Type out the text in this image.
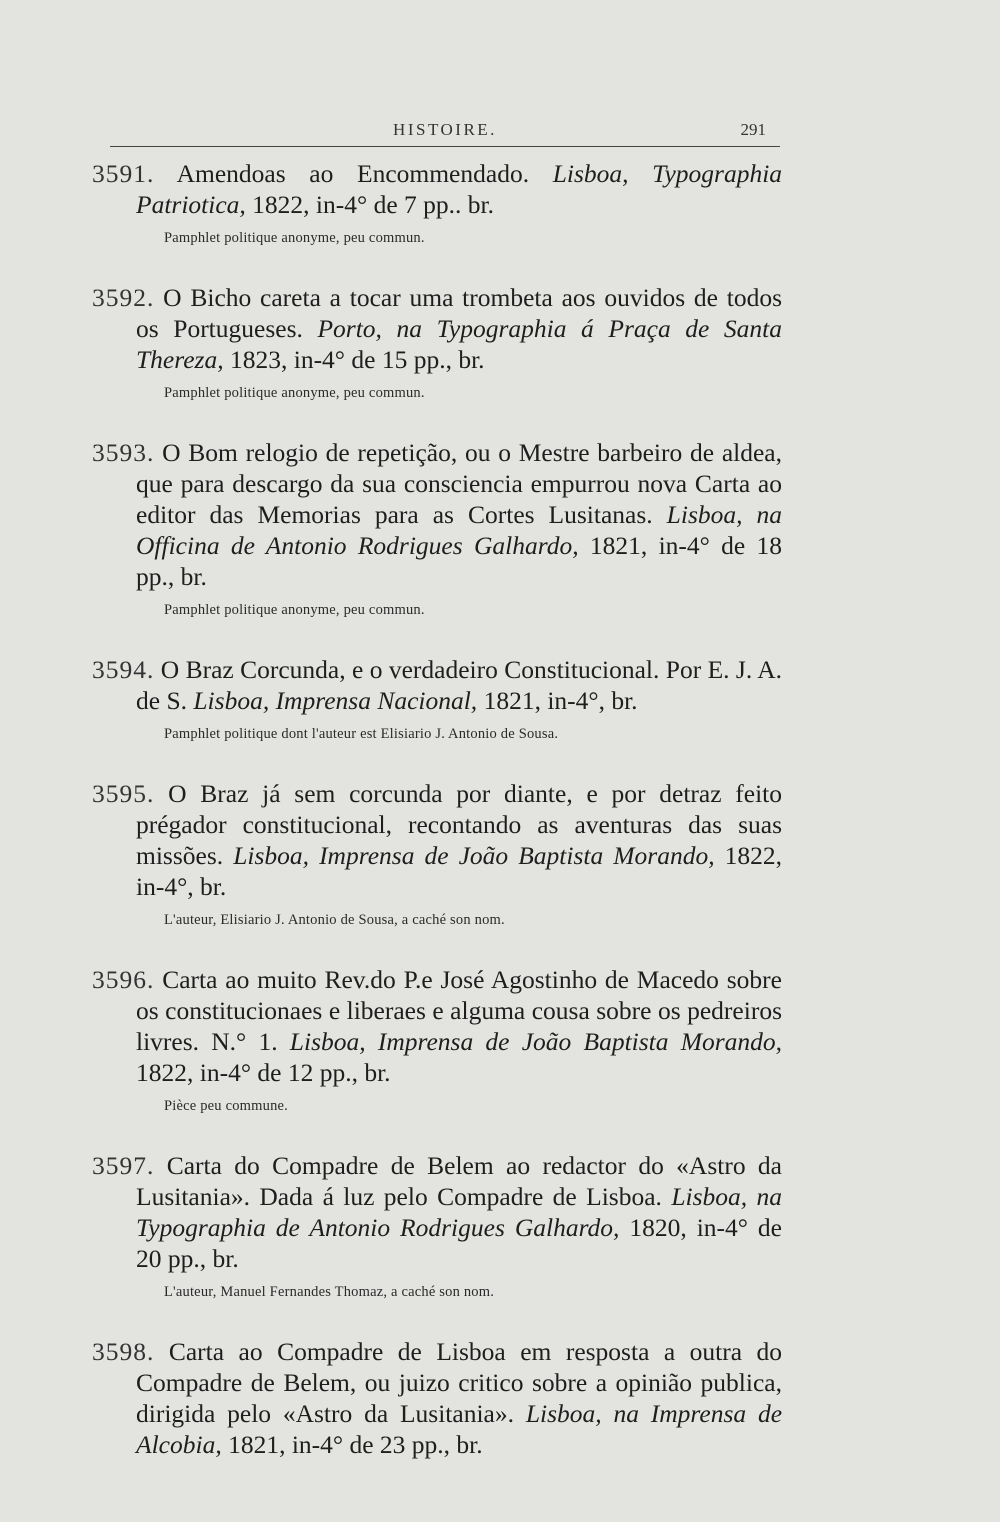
HISTOIRE.	291

3591. Amendoas ao Encommendado. Lisboa, Typographia Patriotica, 1822, in-4° de 7 pp.. br.

Pamphlet politique anonyme, peu commun.

3592. O Bicho careta a tocar uma trombeta aos ouvidos de todos os Portugueses. Porto, na Typographia á Praça de Santa Thereza, 1823, in-4° de 15 pp., br.

Pamphlet politique anonyme, peu commun.

3593. O Bom relogio de repetição, ou o Mestre barbeiro de aldea, que para descargo da sua consciencia empurrou nova Carta ao editor das Memorias para as Cortes Lusitanas. Lisboa, na Officina de Antonio Rodrigues Galhardo, 1821, in-4° de 18 pp., br.

Pamphlet politique anonyme, peu commun.

3594. O Braz Corcunda, e o verdadeiro Constitucional. Por E. J. A. de S. Lisboa, Imprensa Nacional, 1821, in-4°, br.

Pamphlet politique dont l'auteur est Elisiario J. Antonio de Sousa.

3595. O Braz já sem corcunda por diante, e por detraz feito prégador constitucional, recontando as aventuras das suas missões. Lisboa, Imprensa de João Baptista Morando, 1822, in-4°, br.

L'auteur, Elisiario J. Antonio de Sousa, a caché son nom.

3596. Carta ao muito Rev.do P.e José Agostinho de Macedo sobre os constitucionaes e liberaes e alguma cousa sobre os pedreiros livres. N.° 1. Lisboa, Imprensa de João Baptista Morando, 1822, in-4° de 12 pp., br.

Pièce peu commune.

3597. Carta do Compadre de Belem ao redactor do «Astro da Lusitania». Dada á luz pelo Compadre de Lisboa. Lisboa, na Typographia de Antonio Rodrigues Galhardo, 1820, in-4° de 20 pp., br.

L'auteur, Manuel Fernandes Thomaz, a caché son nom.

3598. Carta ao Compadre de Lisboa em resposta a outra do Compadre de Belem, ou juizo critico sobre a opinião publica, dirigida pelo «Astro da Lusitania». Lisboa, na Imprensa de Alcobia, 1821, in-4° de 23 pp., br.
